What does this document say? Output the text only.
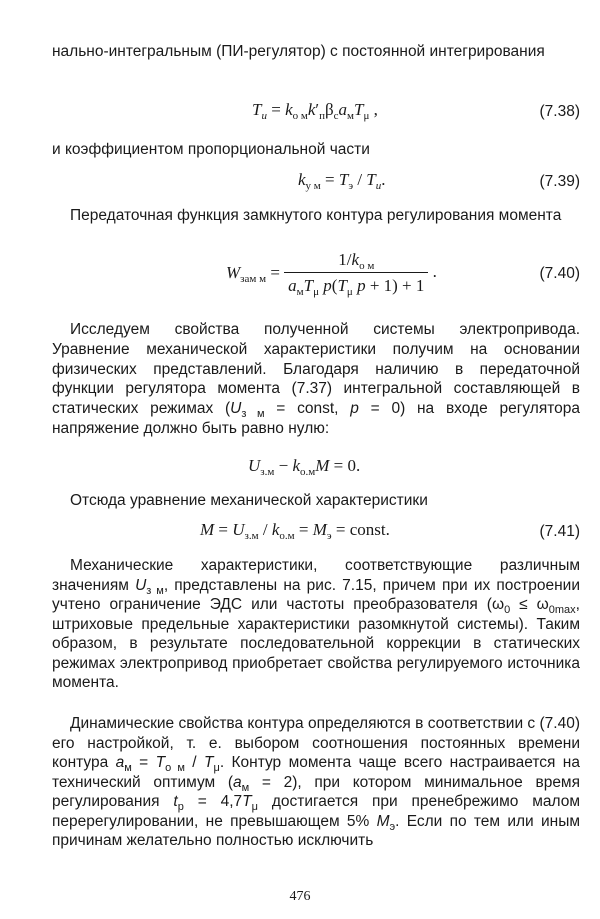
нально-интегральным (ПИ-регулятор) с постоянной интегрирования
$T_и = k_{о м}k'_п\beta_сa_мT_\mu$ ,	(7.38)
и коэффициентом пропорциональной части
$k_{у м} = T_э / T_и$.	(7.39)
Передаточная функция замкнутого контура регулирования момента
$W_{зам м} = \frac{1/k_{о м}}{a_мT_\mu p(T_\mu p + 1) + 1}$ .	(7.40)
Исследуем свойства полученной системы электропривода. Уравнение механической характеристики получим на основании физических представлений. Благодаря наличию в передаточной функции регулятора момента (7.37) интегральной составляющей в статических режимах ($U_{з м}$ = const, p = 0) на входе регулятора напряжение должно быть равно нулю:
$U_{з.м} - k_{о.м}M = 0$.
Отсюда уравнение механической характеристики
$M = U_{з.м} / k_{о.м} = M_э$ = const.	(7.41)
Механические характеристики, соответствующие различным значениям $U_{з м}$, представлены на рис. 7.15, причем при их построении учтено ограничение ЭДС или частоты преобразователя ($\omega_0 \le \omega_{0max}$, штриховые предельные характеристики разомкнутой системы). Таким образом, в результате последовательной коррекции в статических режимах электропривод приобретает свойства регулируемого источника момента.
Динамические свойства контура определяются в соответствии с (7.40) его настройкой, т. е. выбором соотношения постоянных времени контура $a_м = T_{о м} / T_\mu$. Контур момента чаще всего настраивается на технический оптимум $(a_м = 2)$, при котором минимальное время регулирования $t_р = 4,7T_\mu$ достигается при пренебрежимо малом перерегулировании, не превышающем 5% $M_э$. Если по тем или иным причинам желательно полностью исключить
476
